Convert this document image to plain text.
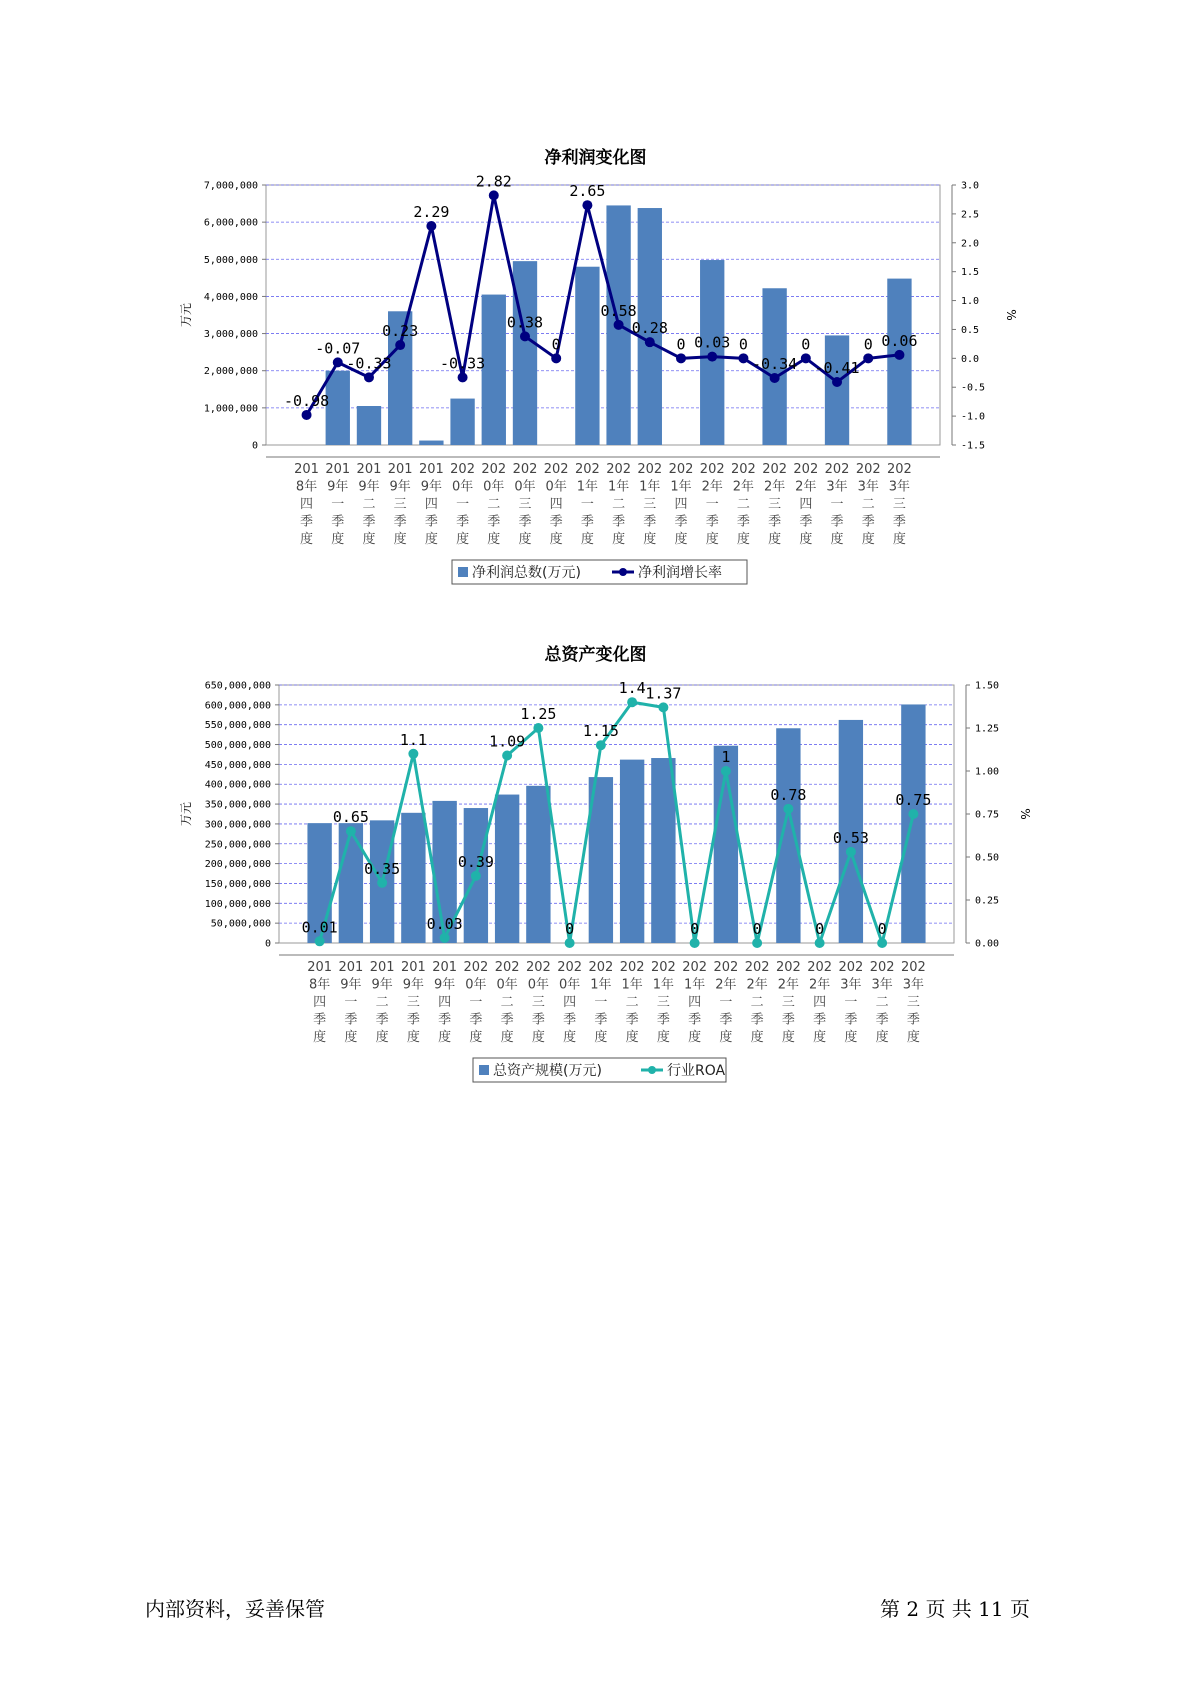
净利润变化图
0
1,000,000
2,000,000
3,000,000
4,000,000
5,000,000
6,000,000
7,000,000
-1.5
-1.0
-0.5
0.0
0.5
1.0
1.5
2.0
2.5
3.0
万元	%
201
8年
四
季
度
201
9年
一
季
度
201
9年
二
季
度
201
9年
三
季
度
201
9年
四
季
度
202
0年
一
季
度
202
0年
二
季
度
202
0年
三
季
度
202
0年
四
季
度
202
1年
一
季
度
202
1年
二
季
度
202
1年
三
季
度
202
1年
四
季
度
202
2年
一
季
度
202
2年
二
季
度
202
2年
三
季
度
202
2年
四
季
度
202
3年
一
季
度
202
3年
二
季
度
202
3年
三
季
度
-0.98
-0.07
-0.33
0.23
2.29
-0.33
2.82
0.38
0
2.65
0.58
0.28
0 0.03 0
-0.34
0
-0.41
0 0.06
净利润总数(万元)	净利润增长率
总资产变化图
0
50,000,000
100,000,000
150,000,000
200,000,000
250,000,000
300,000,000
350,000,000
400,000,000
450,000,000
500,000,000
550,000,000
600,000,000
650,000,000
0.00
0.25
0.50
0.75
1.00
1.25
1.50
万元	%
201
8年
四
季
度
201
9年
一
季
度
201
9年
二
季
度
201
9年
三
季
度
201
9年
四
季
度
202
0年
一
季
度
202
0年
二
季
度
202
0年
三
季
度
202
0年
四
季
度
202
1年
一
季
度
202
1年
二
季
度
202
1年
三
季
度
202
1年
四
季
度
202
2年
一
季
度
202
2年
二
季
度
202
2年
三
季
度
202
2年
四
季
度
202
3年
一
季
度
202
3年
二
季
度
202
3年
三
季
度
0.01
0.65
0.35
1.1
0.03
0.39
1.09
1.25
0
1.15
1.4 1.37
0
1
0
0.78
0
0.53
0
0.75
总资产规模(万元)	行业ROA
内部资料，妥善保管	第 2 页 共 11 页
